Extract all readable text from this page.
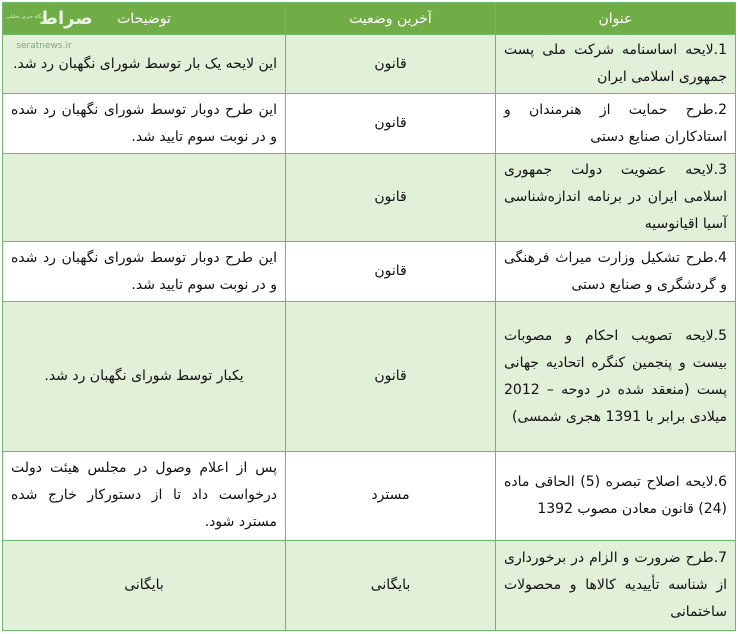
عنوان	آخرین وضعیت	توضیحات
1.لایحه اساسنامه شرکت ملی پست جمهوری اسلامی ایران	قانون	این لایحه یک بار توسط شورای نگهبان رد شد.
2.طرح حمایت از هنرمندان و استادکاران صنایع دستی	قانون	این طرح دوبار توسط شورای نگهبان رد شده و در نوبت سوم تایید شد.
3.لایحه عضویت دولت جمهوری اسلامی ایران در برنامه اندازه‌شناسی آسیا اقیانوسیه	قانون	
4.طرح تشکیل وزارت میراث فرهنگی و گردشگری و صنایع دستی	قانون	این طرح دوبار توسط شورای نگهبان رد شده و در نوبت سوم تایید شد.
5.لایحه تصویب احکام و مصوبات بیست و پنجمین کنگره اتحادیه جهانی پست (منعقد شده در دوحه – 2012 میلادی برابر با 1391 هجری شمسی)	قانون	یکبار توسط شورای نگهبان رد شد.
6.لایحه اصلاح تبصره (5) الحاقی ماده (24) قانون معادن مصوب 1392	مسترد	پس از اعلام وصول در مجلس هیئت دولت درخواست داد تا از دستورکار خارج شده مسترد شود.
7.طرح ضرورت و الزام در برخورداری از شناسه تأییدیه کالاها و محصولات ساختمانی	بایگانی	بایگانی
صراط
پایگاه خبری تحلیلی
seratnews.ir
